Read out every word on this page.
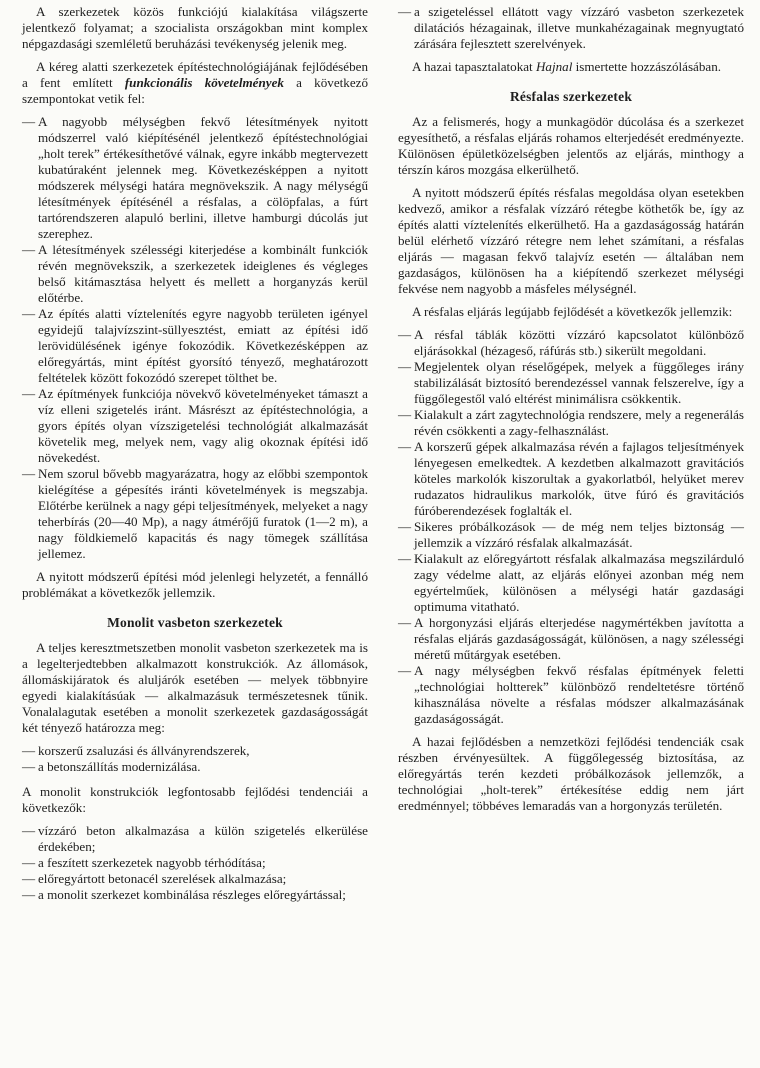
A szerkezetek közös funkciójú kialakítása világszerte jelentkező folyamat; a szocialista országokban mint komplex népgazdasági szemléletű beruházási tevékenység jelenik meg.

A kéreg alatti szerkezetek építéstechnológiájának fejlődésében a fent említett funkcionális követelmények a következő szempontokat vetik fel:

— A nagyobb mélységben fekvő létesítmények nyitott módszerrel való kiépítésénél jelentkező építéstechnológiai „holt terek” értékesíthetővé válnak, egyre inkább megtervezett kubatúraként jelennek meg. Következésképpen a nyitott módszerek mélységi határa megnövekszik. A nagy mélységű létesítmények építésénél a résfalas, a cölöpfalas, a fúrt tartórendszeren alapuló berlini, illetve hamburgi dúcolás jut szerephez.
— A létesítmények szélességi kiterjedése a kombinált funkciók révén megnövekszik, a szerkezetek ideiglenes és végleges belső kitámasztása helyett és mellett a horganyzás kerül előtérbe.
— Az építés alatti víztelenítés egyre nagyobb területen igényel egyidejű talajvízszint-süllyesztést, emiatt az építési idő lerövidülésének igénye fokozódik. Következésképpen az előregyártás, mint építést gyorsító tényező, meghatározott feltételek között fokozódó szerepet tölthet be.
— Az építmények funkciója növekvő követelményeket támaszt a víz elleni szigetelés iránt. Másrészt az építéstechnológia, a gyors építés olyan vízszigetelési technológiát alkalmazását követelik meg, melyek nem, vagy alig okoznak építési idő növekedést.
— Nem szorul bővebb magyarázatra, hogy az előbbi szempontok kielégítése a gépesítés iránti követelmények is megszabja. Előtérbe kerülnek a nagy gépi teljesítmények, melyeket a nagy teherbírás (20—40 Mp), a nagy átmérőjű furatok (1—2 m), a nagy földkiemelő kapacitás és nagy tömegek szállítása jellemez.

A nyitott módszerű építési mód jelenlegi helyzetét, a fennálló problémákat a következők jellemzik.

Monolit vasbeton szerkezetek

A teljes keresztmetszetben monolit vasbeton szerkezetek ma is a legelterjedtebben alkalmazott konstrukciók. Az állomások, állomáskijáratok és aluljárók esetében — melyek többnyire egyedi kialakításúak — alkalmazásuk természetesnek tűnik. Vonalalagutak esetében a monolit szerkezetek gazdaságosságát két tényező határozza meg:

— korszerű zsaluzási és állványrendszerek,
— a betonszállítás modernizálása.

A monolit konstrukciók legfontosabb fejlődési tendenciái a következők:

— vízzáró beton alkalmazása a külön szigetelés elkerülése érdekében;
— a feszített szerkezetek nagyobb térhódítása;
— előregyártott betonacél szerelések alkalmazása;
— a monolit szerkezet kombinálása részleges előregyártással;
— a szigeteléssel ellátott vagy vízzáró vasbeton szerkezetek dilatációs hézagainak, illetve munkahézagainak megnyugtató zárására fejlesztett szerelvények.

A hazai tapasztalatokat Hajnal ismertette hozzászólásában.

Résfalas szerkezetek

Az a felismerés, hogy a munkagödör dúcolása és a szerkezet egyesíthető, a résfalas eljárás rohamos elterjedését eredményezte. Különösen épületközelségben jelentős az eljárás, minthogy a térszín káros mozgása elkerülhető.

A nyitott módszerű építés résfalas megoldása olyan esetekben kedvező, amikor a résfalak vízzáró rétegbe köthetők be, így az építés alatti víztelenítés elkerülhető. Ha a gazdaságosság határán belül elérhető vízzáró rétegre nem lehet számítani, a résfalas eljárás — magasan fekvő talajvíz esetén — általában nem gazdaságos, különösen ha a kiépítendő szerkezet mélységi fekvése nem nagyobb a másfeles mélységnél.

A résfalas eljárás legújabb fejlődését a következők jellemzik:

— A résfal táblák közötti vízzáró kapcsolatot különböző eljárásokkal (hézageső, ráfúrás stb.) sikerült megoldani.
— Megjelentek olyan réselőgépek, melyek a függőleges irány stabilizálását biztosító berendezéssel vannak felszerelve, így a függőlegestől való eltérést minimálisra csökkentik.
— Kialakult a zárt zagytechnológia rendszere, mely a regenerálás révén csökkenti a zagy-felhasználást.
— A korszerű gépek alkalmazása révén a fajlagos teljesítmények lényegesen emelkedtek. A kezdetben alkalmazott gravitációs köteles markolók kiszorultak a gyakorlatból, helyüket merev rudazatos hidraulikus markolók, ütve fúró és gravitációs fúróberendezések foglalták el.
— Sikeres próbálkozások — de még nem teljes biztonság — jellemzik a vízzáró résfalak alkalmazását.
— Kialakult az előregyártott résfalak alkalmazása megszilárduló zagy védelme alatt, az eljárás előnyei azonban még nem egyértelműek, különösen a mélységi határ gazdasági optimuma vitatható.
— A horgonyzási eljárás elterjedése nagymértékben javította a résfalas eljárás gazdaságosságát, különösen, a nagy szélességi méretű műtárgyak esetében.
— A nagy mélységben fekvő résfalas építmények feletti „technológiai holtterek” különböző rendeltetésre történő kihasználása növelte a résfalas módszer alkalmazásának gazdaságosságát.

A hazai fejlődésben a nemzetközi fejlődési tendenciák csak részben érvényesültek. A függőlegesség biztosítása, az előregyártás terén kezdeti próbálkozások jellemzők, a technológiai „holt-terek” értékesítése eddig nem járt eredménnyel; többéves lemaradás van a horgonyzás területén.
